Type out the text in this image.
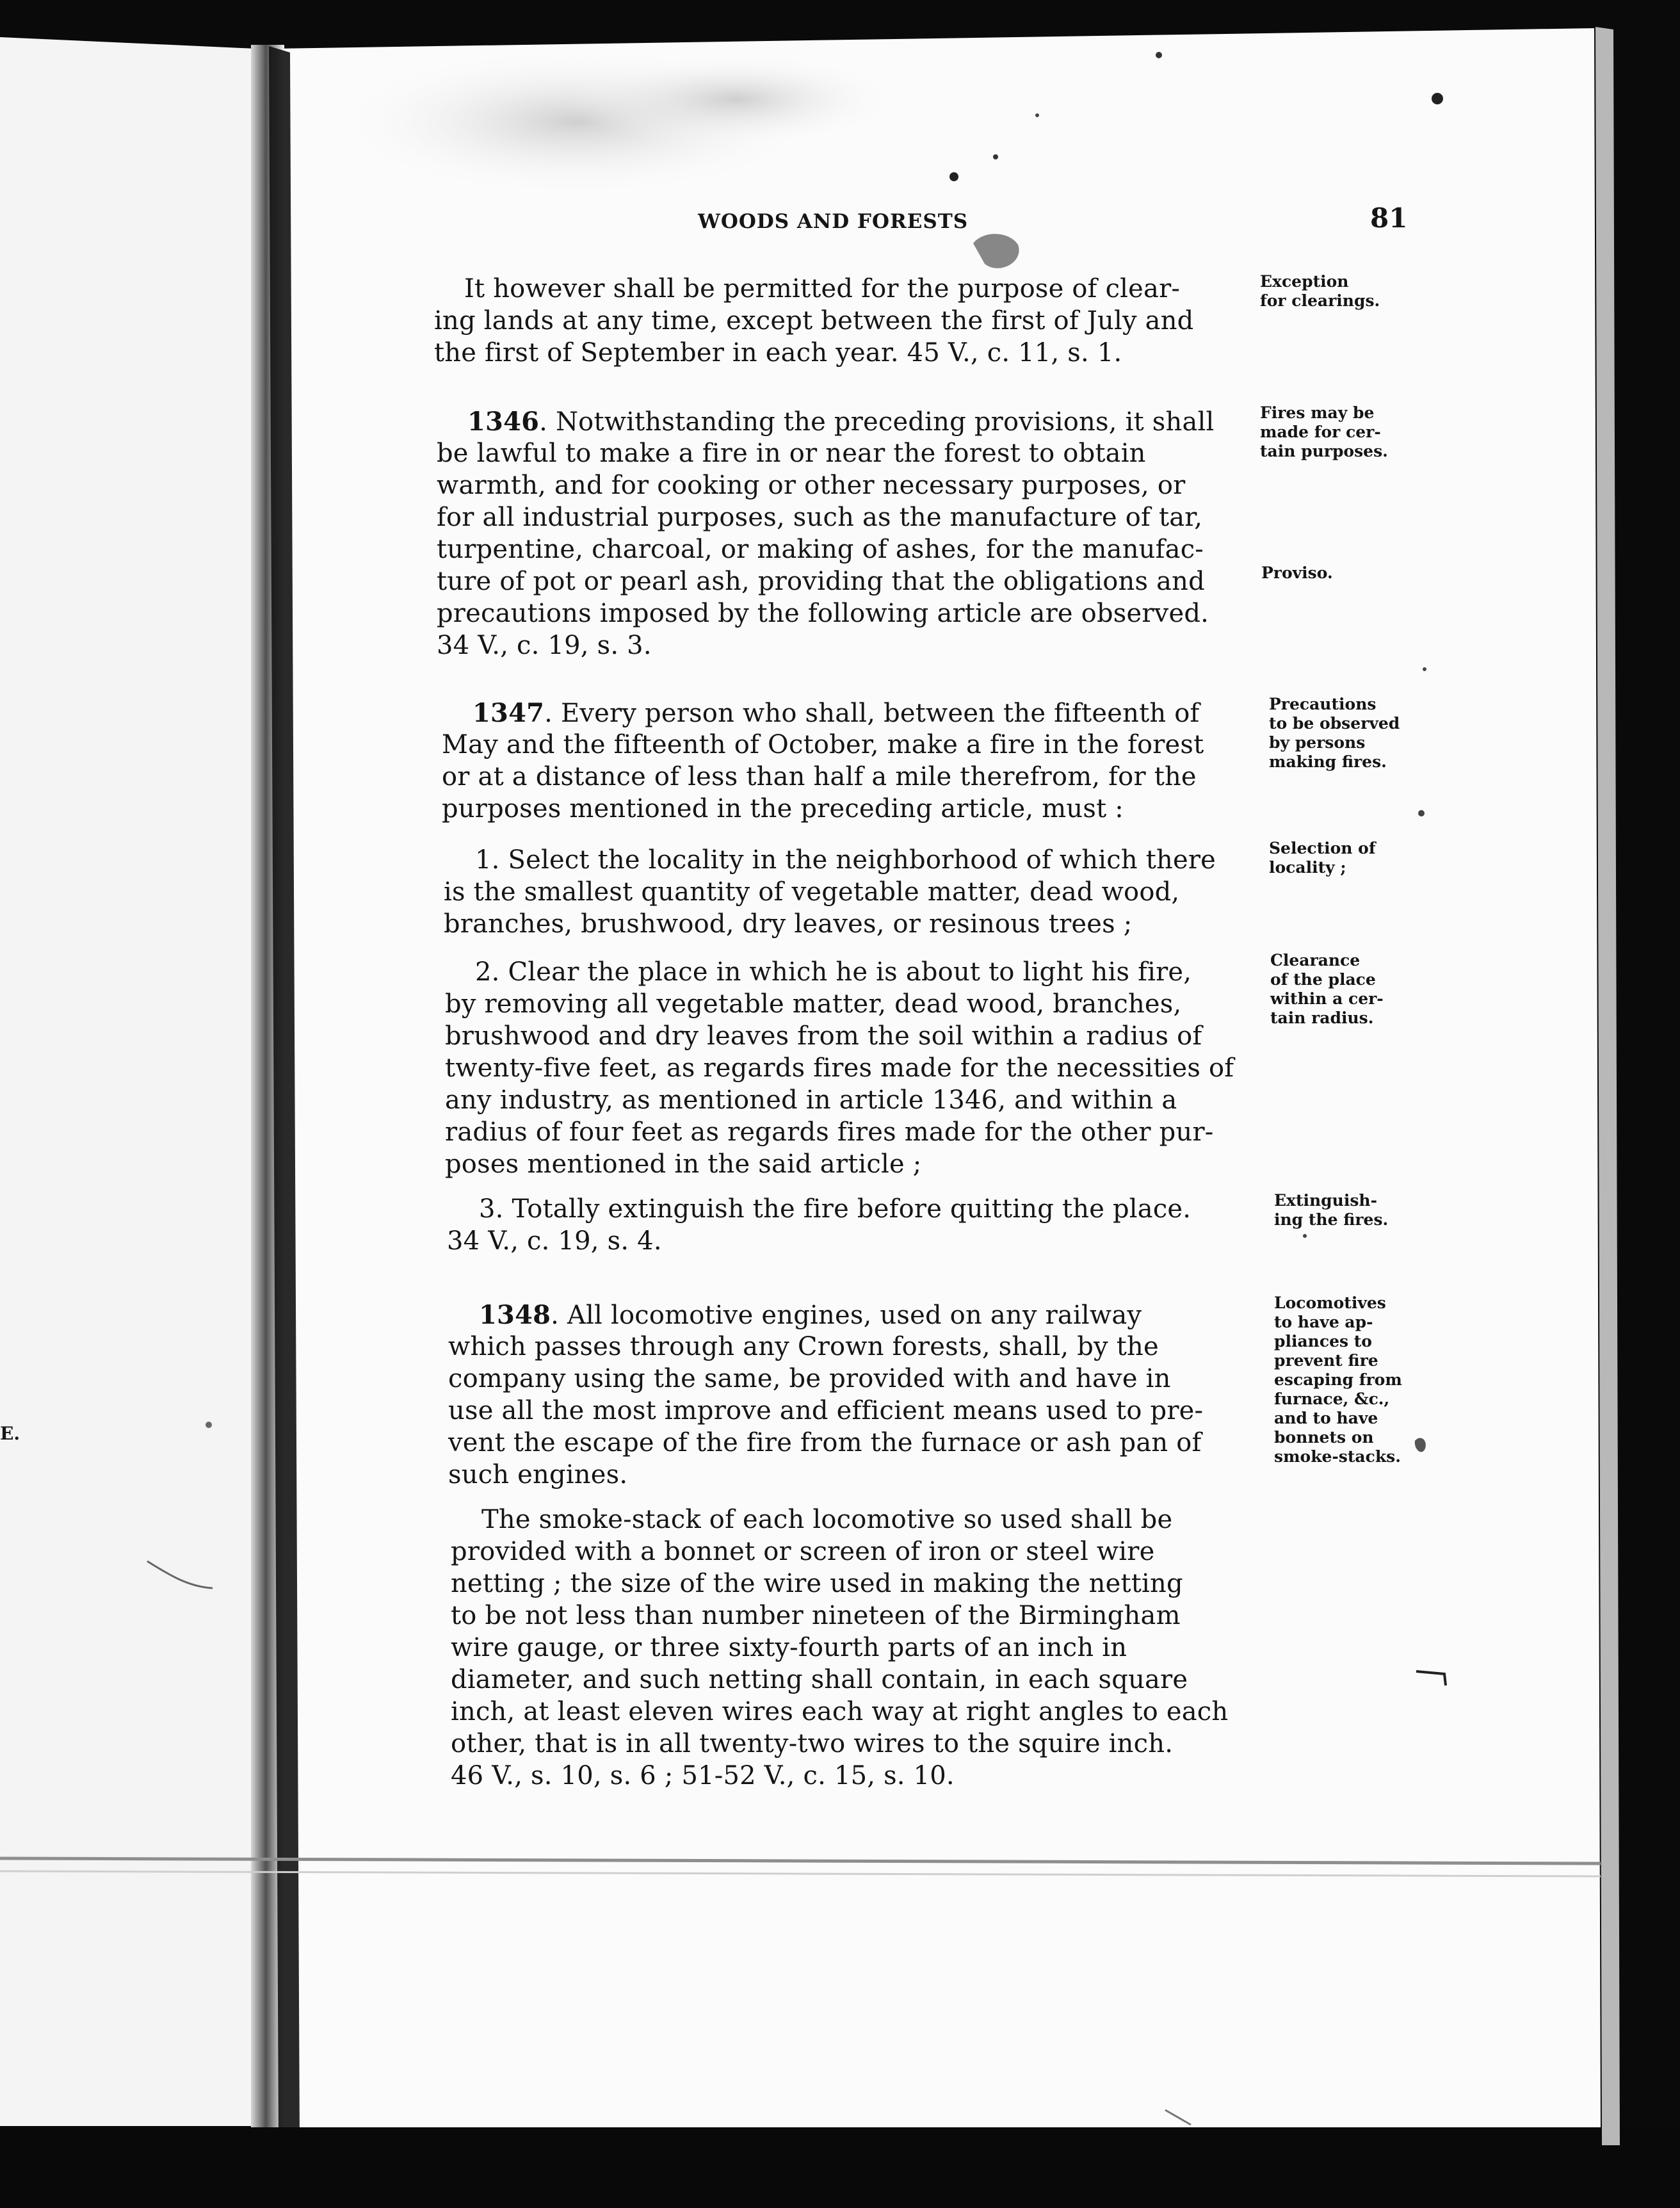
E.
WOODS AND FORESTS	81
It however shall be permitted for the purpose of clear-
ing lands at any time, except between the first of July and
the first of September in each year. 45 V., c. 11, s. 1.
1346. Notwithstanding the preceding provisions, it shall
be lawful to make a fire in or near the forest to obtain
warmth, and for cooking or other necessary purposes, or
for all industrial purposes, such as the manufacture of tar,
turpentine, charcoal, or making of ashes, for the manufac-
ture of pot or pearl ash, providing that the obligations and
precautions imposed by the following article are observed.
34 V., c. 19, s. 3.
1347. Every person who shall, between the fifteenth of
May and the fifteenth of October, make a fire in the forest
or at a distance of less than half a mile therefrom, for the
purposes mentioned in the preceding article, must :
1. Select the locality in the neighborhood of which there
is the smallest quantity of vegetable matter, dead wood,
branches, brushwood, dry leaves, or resinous trees ;
2. Clear the place in which he is about to light his fire,
by removing all vegetable matter, dead wood, branches,
brushwood and dry leaves from the soil within a radius of
twenty-five feet, as regards fires made for the necessities of
any industry, as mentioned in article 1346, and within a
radius of four feet as regards fires made for the other pur-
poses mentioned in the said article ;
3. Totally extinguish the fire before quitting the place.
34 V., c. 19, s. 4.
1348. All locomotive engines, used on any railway
which passes through any Crown forests, shall, by the
company using the same, be provided with and have in
use all the most improve and efficient means used to pre-
vent the escape of the fire from the furnace or ash pan of
such engines.
The smoke-stack of each locomotive so used shall be
provided with a bonnet or screen of iron or steel wire
netting ; the size of the wire used in making the netting
to be not less than number nineteen of the Birmingham
wire gauge, or three sixty-fourth parts of an inch in
diameter, and such netting shall contain, in each square
inch, at least eleven wires each way at right angles to each
other, that is in all twenty-two wires to the squire inch.
46 V., s. 10, s. 6 ; 51-52 V., c. 15, s. 10.
Exception
for clearings.
Fires may be
made for cer-
tain purposes.
Proviso.
Precautions
to be observed
by persons
making fires.
Selection of
locality ;
Clearance
of the place
within a cer-
tain radius.
Extinguish-
ing the fires.
Locomotives
to have ap-
pliances to
prevent fire
escaping from
furnace, &c.,
and to have
bonnets on
smoke-stacks.
